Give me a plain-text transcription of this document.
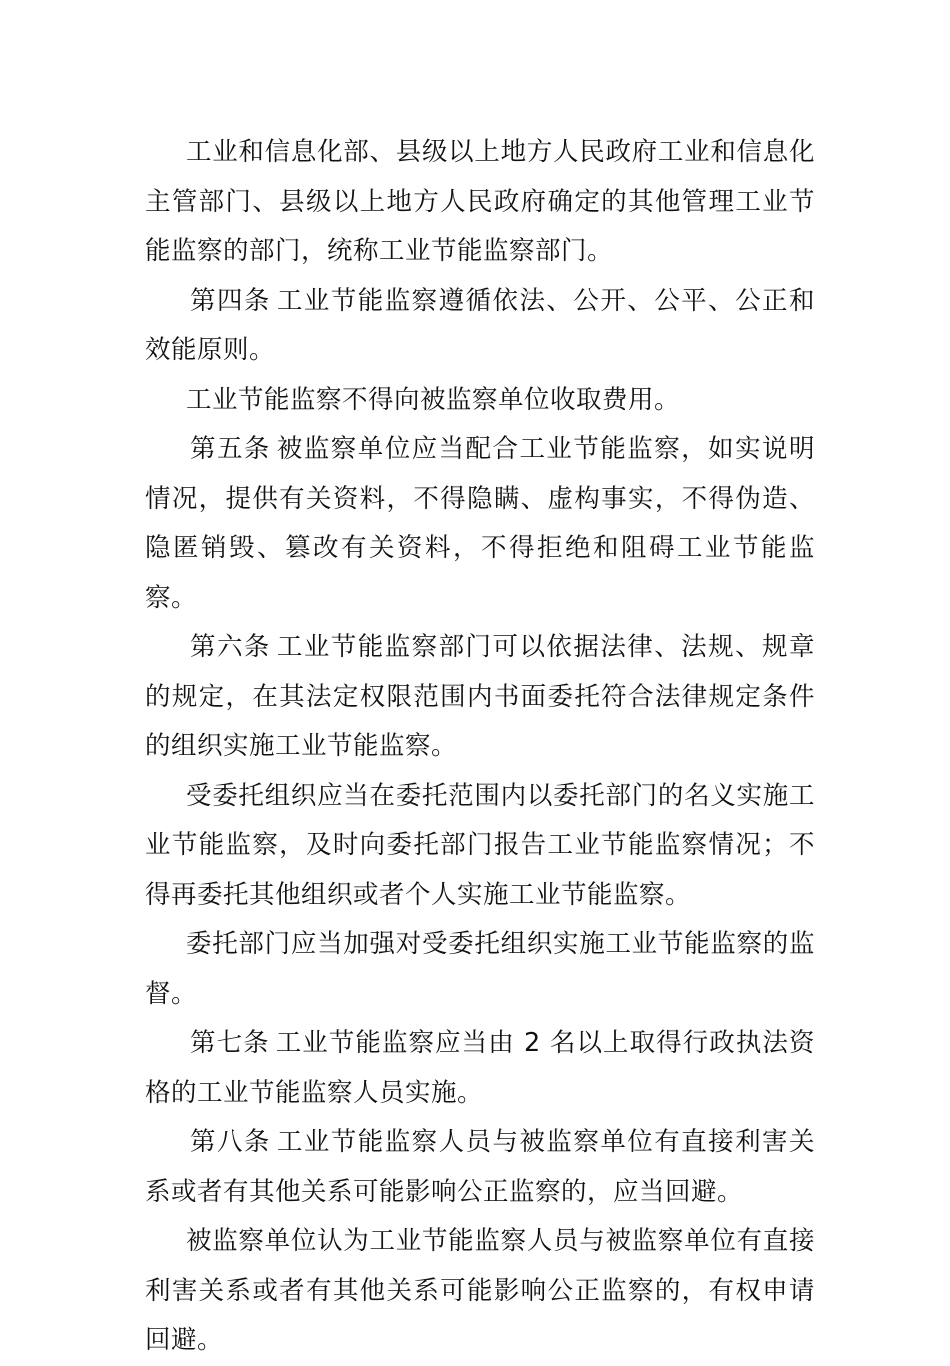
工业和信息化部、县级以上地方人民政府工业和信息化主管部门、县级以上地方人民政府确定的其他管理工业节能监察的部门，统称工业节能监察部门。

第四条 工业节能监察遵循依法、公开、公平、公正和效能原则。

工业节能监察不得向被监察单位收取费用。

第五条 被监察单位应当配合工业节能监察，如实说明情况，提供有关资料，不得隐瞒、虚构事实，不得伪造、隐匿销毁、篡改有关资料，不得拒绝和阻碍工业节能监察。

第六条 工业节能监察部门可以依据法律、法规、规章的规定，在其法定权限范围内书面委托符合法律规定条件的组织实施工业节能监察。

受委托组织应当在委托范围内以委托部门的名义实施工业节能监察，及时向委托部门报告工业节能监察情况；不得再委托其他组织或者个人实施工业节能监察。

委托部门应当加强对受委托组织实施工业节能监察的监督。

第七条 工业节能监察应当由 2 名以上取得行政执法资格的工业节能监察人员实施。

第八条 工业节能监察人员与被监察单位有直接利害关系或者有其他关系可能影响公正监察的，应当回避。

被监察单位认为工业节能监察人员与被监察单位有直接利害关系或者有其他关系可能影响公正监察的，有权申请回避。
